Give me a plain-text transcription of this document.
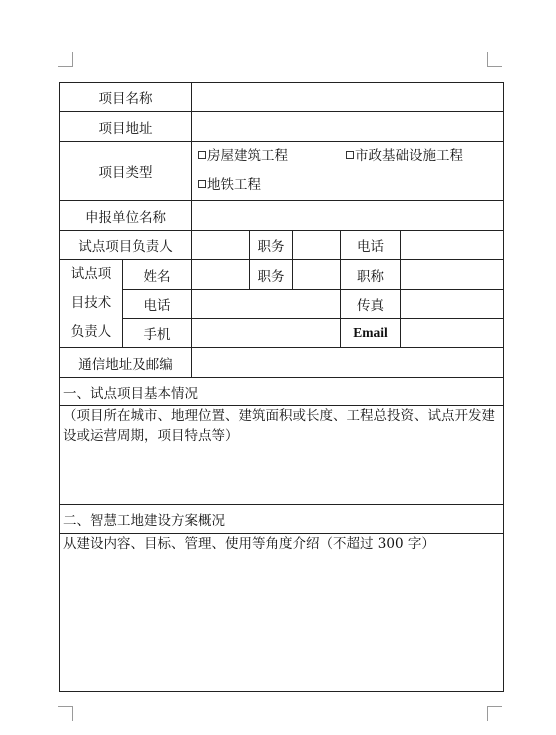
项目名称						
项目地址						
项目类型		房屋建筑工程 市政基础设施工程
地铁工程				
申报单位名称						
试点项目负责人			职务		电话	
试点项
目技术
负责人	姓名		职务		职称	
	电话				传真	
	手机				Email	
通信地址及邮编						
一、试点项目基本情况						
（项目所在城市、地理位置、建筑面积或长度、工程总投资、试点开发建设或运营周期，项目特点等）						
二、智慧工地建设方案概况						
从建设内容、目标、管理、使用等角度介绍（不超过 300 字）						
